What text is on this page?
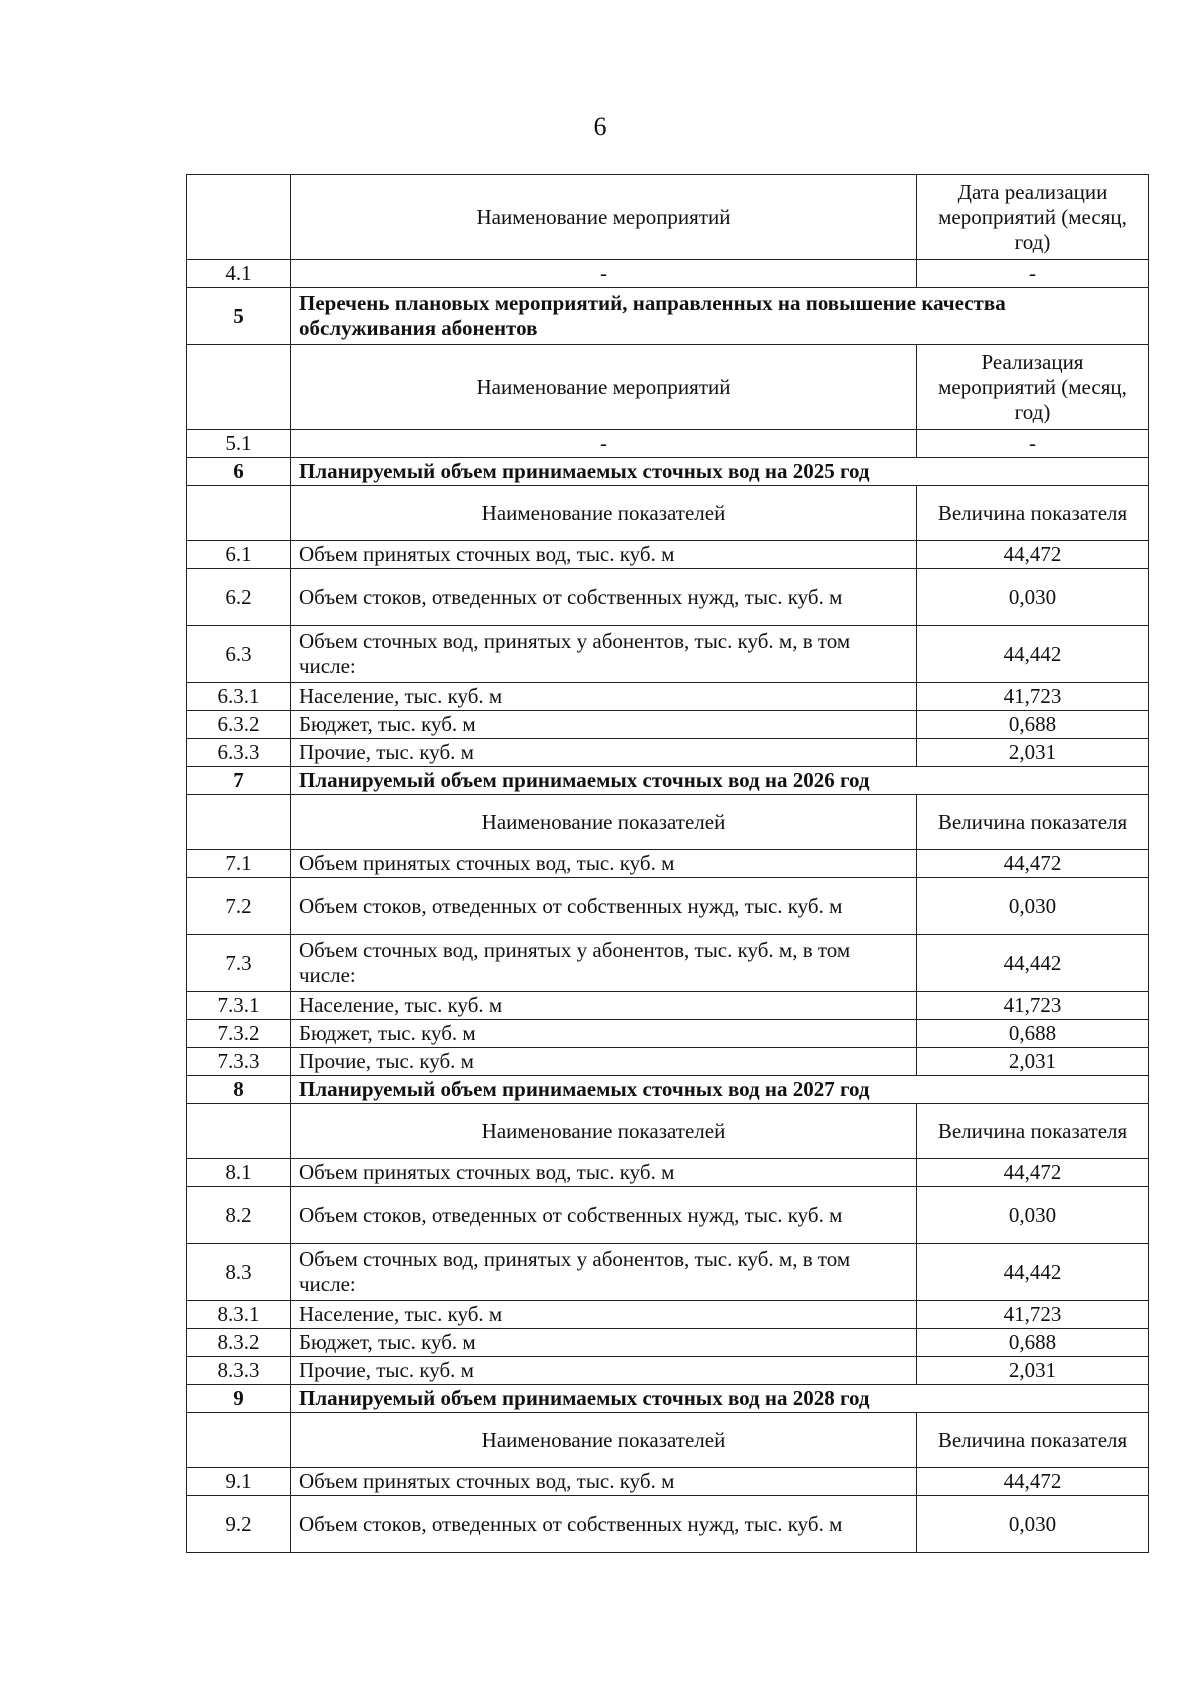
6
	Наименование мероприятий	Дата реализации мероприятий (месяц, год)
4.1	-	-
5	Перечень плановых мероприятий, направленных на повышение качества обслуживания абонентов	
	Наименование мероприятий	Реализация мероприятий (месяц, год)
5.1	-	-
6	Планируемый объем принимаемых сточных вод на 2025 год	
	Наименование показателей	Величина показателя
6.1	Объем принятых сточных вод, тыс. куб. м	44,472
6.2	Объем стоков, отведенных от собственных нужд, тыс. куб. м	0,030
6.3	Объем сточных вод, принятых у абонентов, тыс. куб. м, в том числе:	44,442
6.3.1	Население, тыс. куб. м	41,723
6.3.2	Бюджет, тыс. куб. м	0,688
6.3.3	Прочие, тыс. куб. м	2,031
7	Планируемый объем принимаемых сточных вод на 2026 год	
	Наименование показателей	Величина показателя
7.1	Объем принятых сточных вод, тыс. куб. м	44,472
7.2	Объем стоков, отведенных от собственных нужд, тыс. куб. м	0,030
7.3	Объем сточных вод, принятых у абонентов, тыс. куб. м, в том числе:	44,442
7.3.1	Население, тыс. куб. м	41,723
7.3.2	Бюджет, тыс. куб. м	0,688
7.3.3	Прочие, тыс. куб. м	2,031
8	Планируемый объем принимаемых сточных вод на 2027 год	
	Наименование показателей	Величина показателя
8.1	Объем принятых сточных вод, тыс. куб. м	44,472
8.2	Объем стоков, отведенных от собственных нужд, тыс. куб. м	0,030
8.3	Объем сточных вод, принятых у абонентов, тыс. куб. м, в том числе:	44,442
8.3.1	Население, тыс. куб. м	41,723
8.3.2	Бюджет, тыс. куб. м	0,688
8.3.3	Прочие, тыс. куб. м	2,031
9	Планируемый объем принимаемых сточных вод на 2028 год	
	Наименование показателей	Величина показателя
9.1	Объем принятых сточных вод, тыс. куб. м	44,472
9.2	Объем стоков, отведенных от собственных нужд, тыс. куб. м	0,030
